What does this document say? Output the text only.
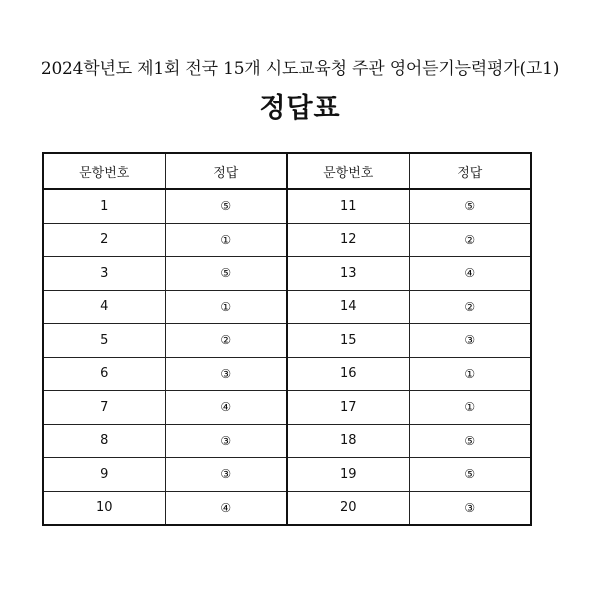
2024학년도 제1회 전국 15개 시도교육청 주관 영어듣기능력평가(고1)
정답표
문항번호	정답	문항번호	정답
1	⑤	11	⑤
2	①	12	②
3	⑤	13	④
4	①	14	②
5	②	15	③
6	③	16	①
7	④	17	①
8	③	18	⑤
9	③	19	⑤
10	④	20	③
